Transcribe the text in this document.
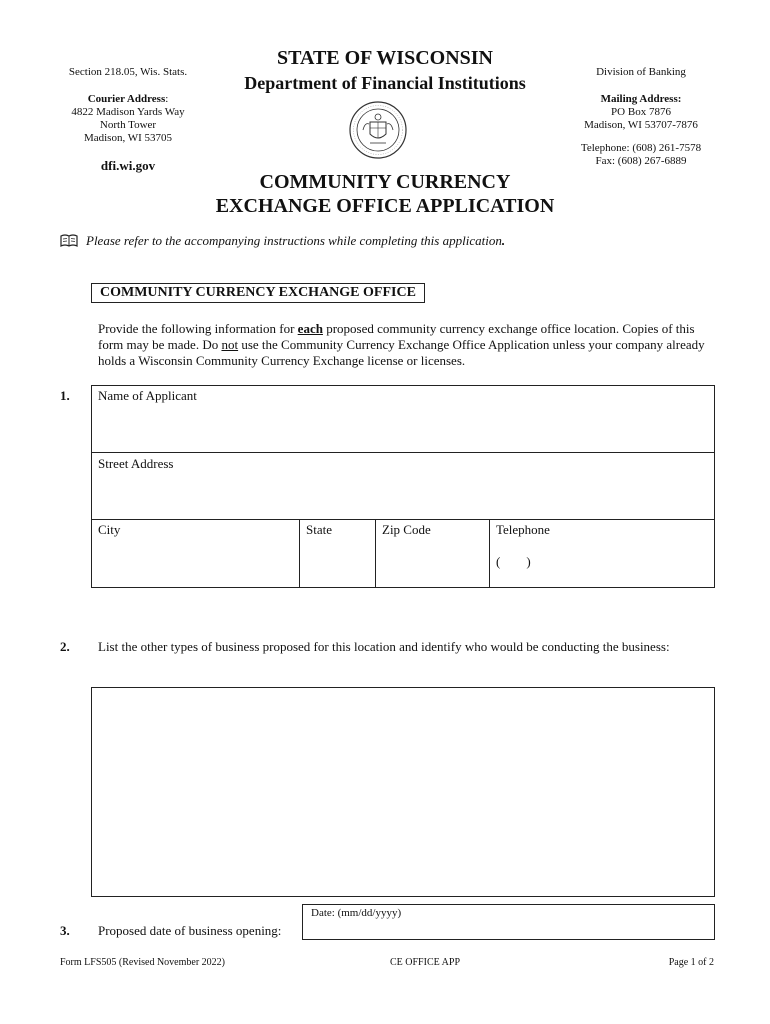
Section 218.05, Wis. Stats.
Courier Address:
4822 Madison Yards Way
North Tower
Madison, WI 53705
dfi.wi.gov
STATE OF WISCONSIN
Department of Financial Institutions
Division of Banking
Mailing Address:
PO Box 7876
Madison, WI 53707-7876
Telephone: (608) 261-7578
Fax: (608) 267-6889
COMMUNITY CURRENCY
EXCHANGE OFFICE APPLICATION
Please refer to the accompanying instructions while completing this application.
COMMUNITY CURRENCY EXCHANGE OFFICE
Provide the following information for each proposed community currency exchange office location. Copies of this form may be made. Do not use the Community Currency Exchange Office Application unless your company already holds a Wisconsin Community Currency Exchange license or licenses.
1. Name of Applicant
Street Address
City	State	Zip Code	Telephone
(        )
2. List the other types of business proposed for this location and identify who would be conducting the business:
3. Proposed date of business opening:
Date: (mm/dd/yyyy)
Form LFS505 (Revised November 2022)	CE OFFICE APP	Page 1 of 2
